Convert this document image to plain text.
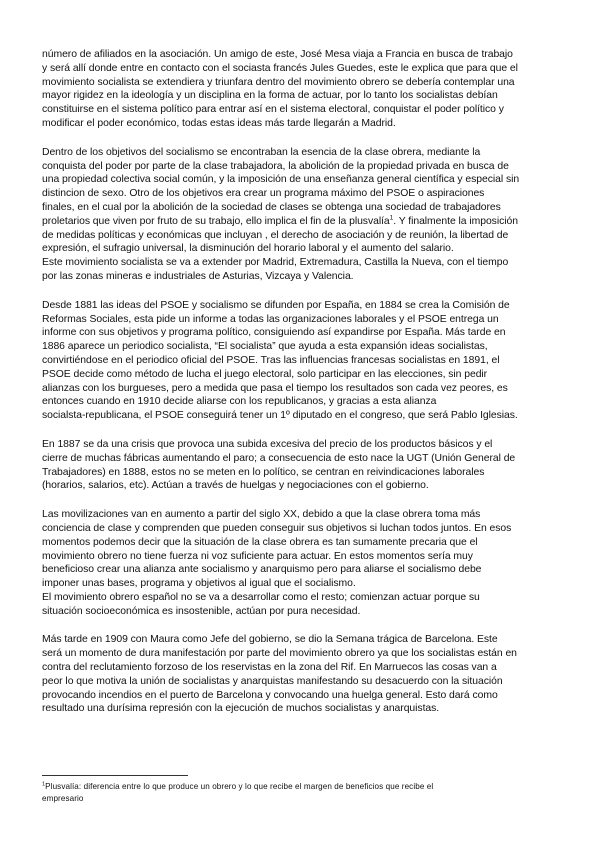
número de afiliados en la asociación. Un amigo de este, José Mesa viaja a Francia en busca de trabajo
y será allí donde entre en contacto con el sociasta francés Jules Guedes, este le explica que para que el
movimiento socialista se extendiera y triunfara dentro del movimiento obrero se debería contemplar una
mayor rigidez en la ideología y un disciplina en la forma de actuar, por lo tanto los socialistas debían
constituirse en el sistema político para entrar así en el sistema electoral, conquistar el poder político y
modificar el poder económico, todas estas ideas más tarde llegarán a Madrid.

Dentro de los objetivos del socialismo se encontraban la esencia de la clase obrera, mediante la
conquista del poder por parte de la clase trabajadora, la abolición de la propiedad privada en busca de
una propiedad colectiva social común, y la imposición de una enseñanza general científica y especial sin
distincion de sexo. Otro de los objetivos era crear un programa máximo del PSOE o aspiraciones
finales, en el cual por la abolición de la sociedad de clases se obtenga una sociedad de trabajadores
proletarios que viven por fruto de su trabajo, ello implica el fin de la plusvalía$^1$. Y finalmente la imposición
de medidas políticas y económicas que incluyan , el derecho de asociación y de reunión, la libertad de
expresión, el sufragio universal, la disminución del horario laboral y el aumento del salario.

Este movimiento socialista se va a extender por Madrid, Extremadura, Castilla la Nueva, con el tiempo
por las zonas mineras e industriales de Asturias, Vizcaya y Valencia.

Desde 1881 las ideas del PSOE y socialismo se difunden por España, en 1884 se crea la Comisión de
Reformas Sociales, esta pide un informe a todas las organizaciones laborales y el PSOE entrega un
informe con sus objetivos y programa político, consiguiendo así expandirse por España. Más tarde en
1886 aparece un periodico socialista, “El socialista” que ayuda a esta expansión ideas socialistas,
convirtiéndose en el periodico oficial del PSOE. Tras las influencias francesas socialistas en 1891, el
PSOE decide como método de lucha el juego electoral, solo participar en las elecciones, sin pedir
alianzas con los burgueses, pero a medida que pasa el tiempo los resultados son cada vez peores, es
entonces cuando en 1910 decide aliarse con los republicanos, y gracias a esta alianza
socialsta-republicana, el PSOE conseguirá tener un 1º diputado en el congreso, que será Pablo Iglesias.

En 1887 se da una crisis que provoca una subida excesiva del precio de los productos básicos y el
cierre de muchas fábricas aumentando el paro; a consecuencia de esto nace la UGT (Unión General de
Trabajadores) en 1888, estos no se meten en lo político, se centran en reivindicaciones laborales
(horarios, salarios, etc). Actúan a través de huelgas y negociaciones con el gobierno.

Las movilizaciones van en aumento a partir del siglo XX, debido a que la clase obrera toma más
conciencia de clase y comprenden que pueden conseguir sus objetivos si luchan todos juntos. En esos
momentos podemos decir que la situación de la clase obrera es tan sumamente precaria que el
movimiento obrero no tiene fuerza ni voz suficiente para actuar. En estos momentos sería muy
beneficioso crear una alianza ante socialismo y anarquismo pero para aliarse el socialismo debe
imponer unas bases, programa y objetivos al igual que el socialismo.

El movimiento obrero español no se va a desarrollar como el resto; comienzan actuar porque su
situación socioeconómica es insostenible, actúan por pura necesidad.

Más tarde en 1909 con Maura como Jefe del gobierno, se dio la Semana trágica de Barcelona. Este
será un momento de dura manifestación por parte del movimiento obrero ya que los socialistas están en
contra del reclutamiento forzoso de los reservistas en la zona del Rif. En Marruecos las cosas van a
peor lo que motiva la unión de socialistas y anarquistas manifestando su desacuerdo con la situación
provocando incendios en el puerto de Barcelona y convocando una huelga general. Esto dará como
resultado una durísima represión con la ejecución de muchos socialistas y anarquistas.

$^1$Plusvalía: diferencia entre lo que produce un obrero y lo que recibe el margen de beneficios que recibe el
empresario
